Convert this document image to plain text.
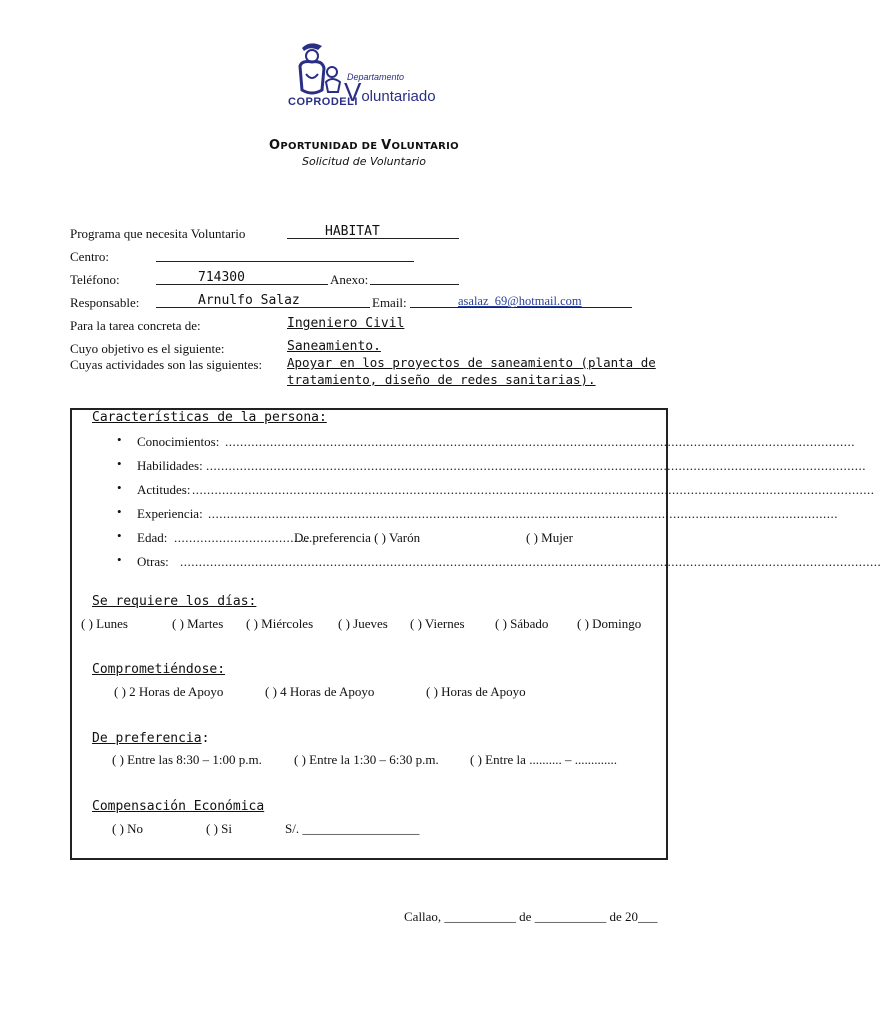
Departamento
Voluntariado
COPRODELI
OPORTUNIDAD DE VOLUNTARIO
Solicitud de Voluntario
Programa que necesita Voluntario	HABITAT
Centro:
Teléfono:	714300	Anexo:
Responsable:	Arnulfo Salaz	Email:	asalaz_69@hotmail.com
Para la tarea concreta de:	Ingeniero Civil
Cuyo objetivo es el siguiente:	Saneamiento.
Cuyas actividades son las siguientes: Apoyar en los proyectos de saneamiento (planta de
tratamiento, diseño de redes sanitarias).
Características de la persona:
• Conocimientos: ........................................................................................................................................................................
• Habilidades: ................................................................................................................................................................................
• Actitudes: ......................................................................................................................................................................................
• Experiencia: ........................................................................................................................................................................
• Edad: ......................................
De preferencia ( ) Varón	( ) Mujer
• Otras: ...........................................................................................................................................................................................
Se requiere los días:
( ) Lunes	( ) Martes ( ) Miércoles ( ) Jueves ( ) Viernes ( ) Sábado ( ) Domingo
Comprometiéndose:
( ) 2 Horas de Apoyo	( ) 4 Horas de Apoyo	( ) Horas de Apoyo
De preferencia:
( ) Entre las 8:30 – 1:00 p.m. ( ) Entre la 1:30 – 6:30 p.m. ( ) Entre la .......... – .............
Compensación Económica
( ) No	( ) Si	S/. __________________
Callao, ___________ de ___________ de 20___
